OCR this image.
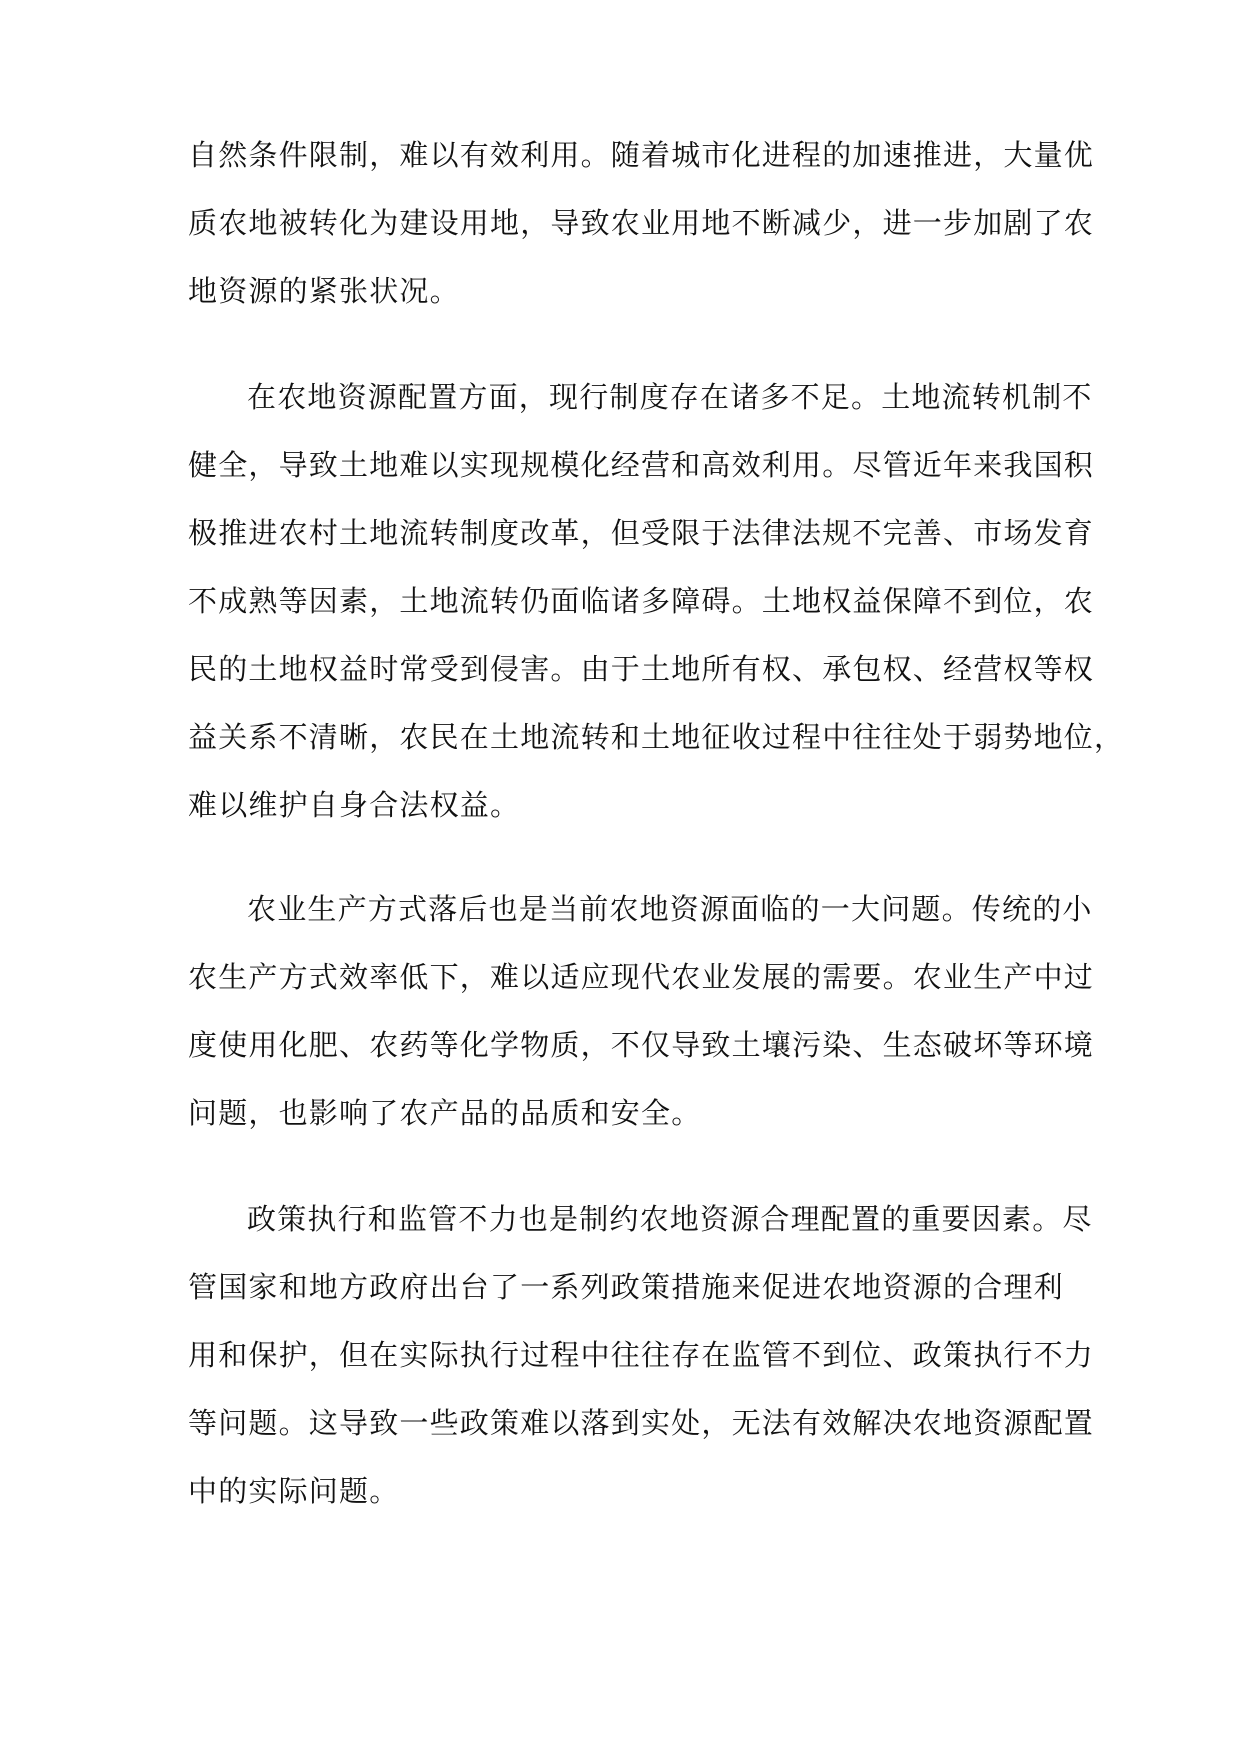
自然条件限制，难以有效利用。随着城市化进程的加速推进，大量优
质农地被转化为建设用地，导致农业用地不断减少，进一步加剧了农
地资源的紧张状况。
在农地资源配置方面，现行制度存在诸多不足。土地流转机制不
健全，导致土地难以实现规模化经营和高效利用。尽管近年来我国积
极推进农村土地流转制度改革，但受限于法律法规不完善、市场发育
不成熟等因素，土地流转仍面临诸多障碍。土地权益保障不到位，农
民的土地权益时常受到侵害。由于土地所有权、承包权、经营权等权
益关系不清晰，农民在土地流转和土地征收过程中往往处于弱势地位，
难以维护自身合法权益。
农业生产方式落后也是当前农地资源面临的一大问题。传统的小
农生产方式效率低下，难以适应现代农业发展的需要。农业生产中过
度使用化肥、农药等化学物质，不仅导致土壤污染、生态破坏等环境
问题，也影响了农产品的品质和安全。
政策执行和监管不力也是制约农地资源合理配置的重要因素。尽
管国家和地方政府出台了一系列政策措施来促进农地资源的合理利
用和保护，但在实际执行过程中往往存在监管不到位、政策执行不力
等问题。这导致一些政策难以落到实处，无法有效解决农地资源配置
中的实际问题。
